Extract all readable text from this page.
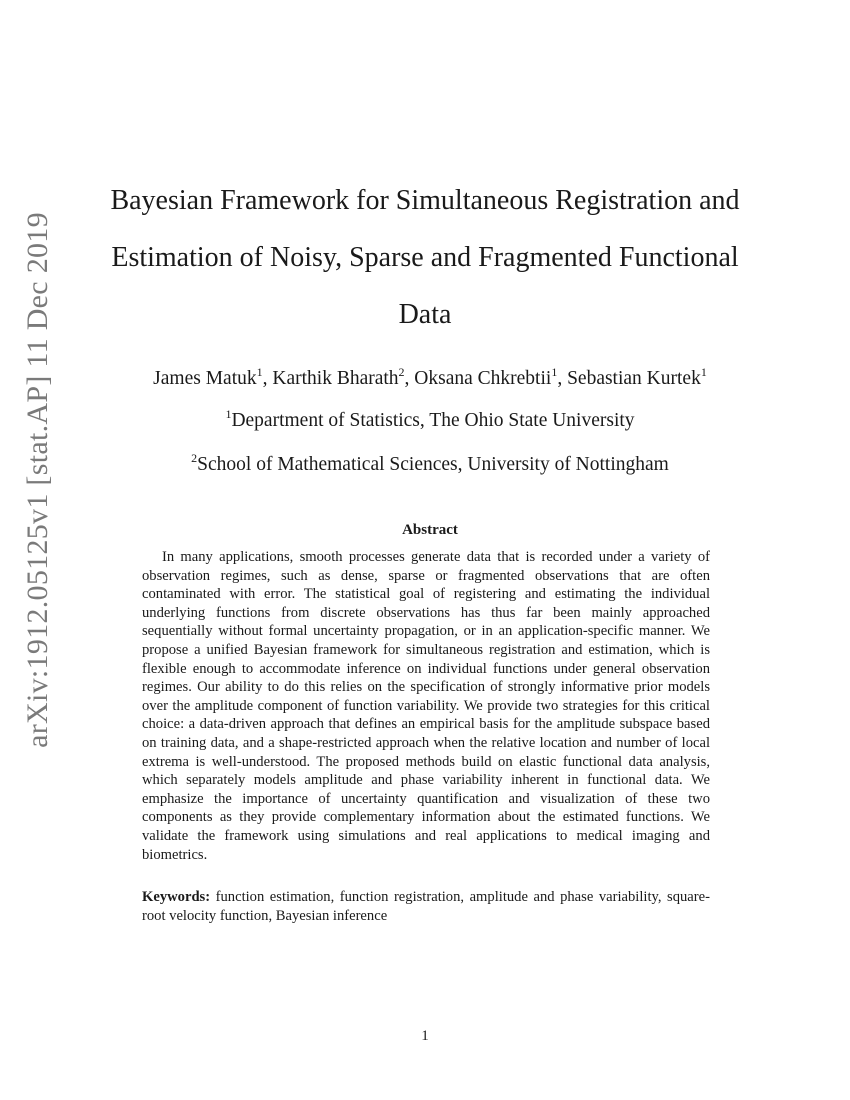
arXiv:1912.05125v1 [stat.AP] 11 Dec 2019
Bayesian Framework for Simultaneous Registration and Estimation of Noisy, Sparse and Fragmented Functional Data
James Matuk$^1$, Karthik Bharath$^2$, Oksana Chkrebtii$^1$, Sebastian Kurtek$^1$
$^1$Department of Statistics, The Ohio State University
$^2$School of Mathematical Sciences, University of Nottingham
Abstract

In many applications, smooth processes generate data that is recorded under a variety of observation regimes, such as dense, sparse or fragmented observations that are often contaminated with error. The statistical goal of registering and estimating the individual underlying functions from discrete observations has thus far been mainly approached sequentially without formal uncertainty propagation, or in an application-specific manner. We propose a unified Bayesian framework for simultaneous registration and estimation, which is flexible enough to accommodate inference on individual functions under general observation regimes. Our ability to do this relies on the specification of strongly informative prior models over the amplitude component of function variability. We provide two strategies for this critical choice: a data-driven approach that defines an empirical basis for the amplitude subspace based on training data, and a shape-restricted approach when the relative location and number of local extrema is well-understood. The proposed methods build on elastic functional data analysis, which separately models amplitude and phase variability inherent in functional data. We emphasize the importance of uncertainty quantification and visualization of these two components as they provide complementary information about the estimated functions. We validate the framework using simulations and real applications to medical imaging and biometrics.

Keywords: function estimation, function registration, amplitude and phase variability, square-root velocity function, Bayesian inference

1
